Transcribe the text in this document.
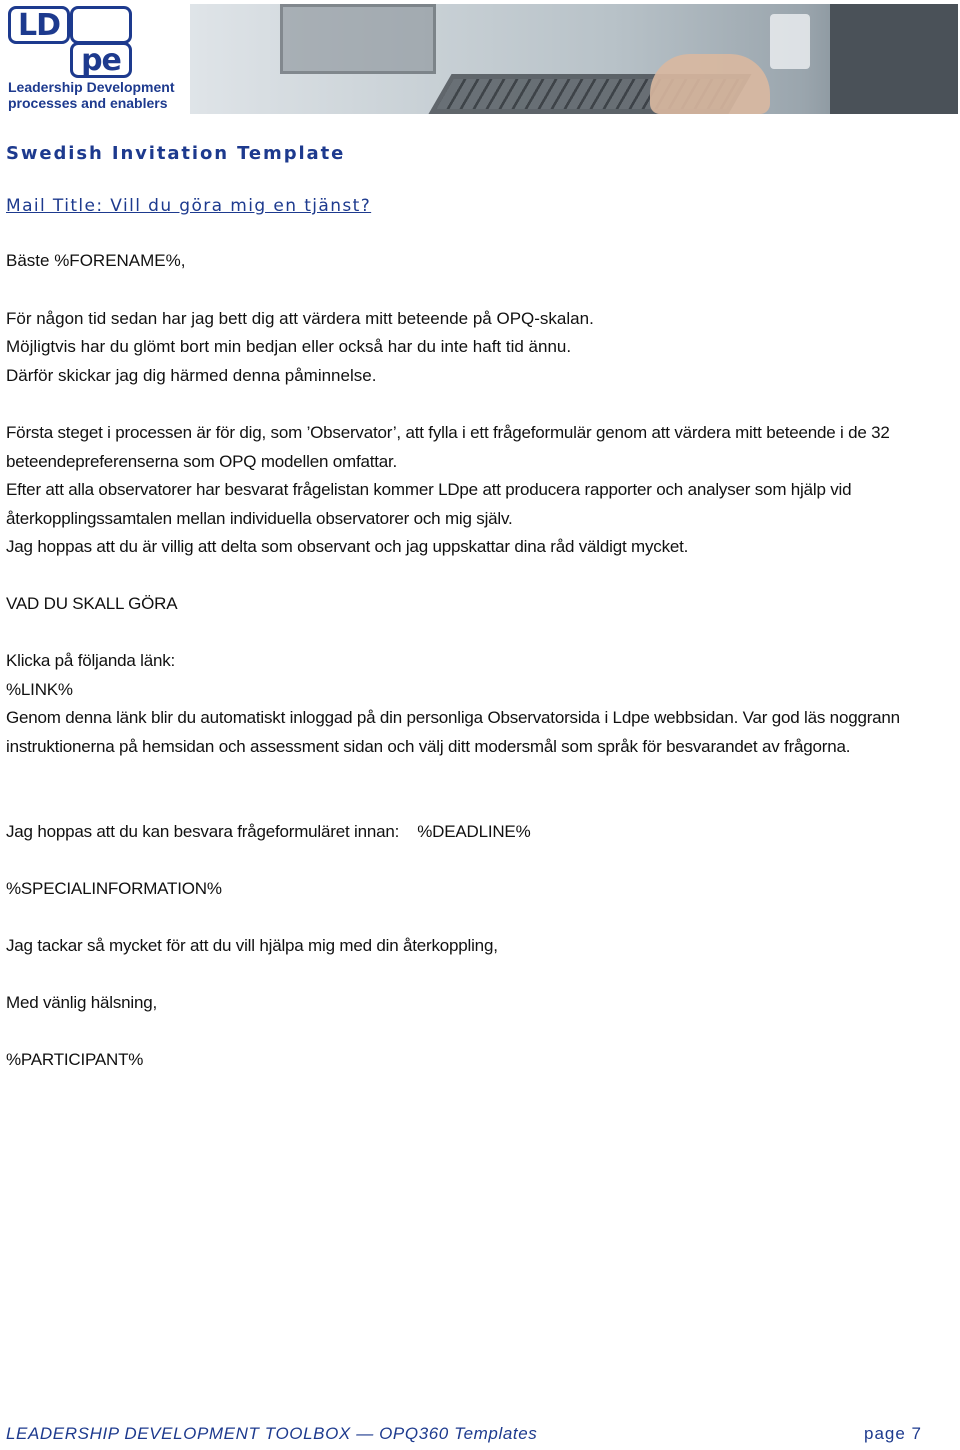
LD
pe
Leadership Development
processes and enablers
Swedish Invitation Template
Mail Title: Vill du göra mig en tjänst?
Bäste %FORENAME%,
För någon tid sedan har jag bett dig att värdera mitt beteende på OPQ-skalan.
Möjligtvis har du glömt bort min bedjan eller också har du inte haft tid ännu.
Därför skickar jag dig härmed denna påminnelse.

Första steget i processen är för dig, som ’Observator’, att fylla i ett frågeformulär genom att värdera mitt beteende i de 32 beteendepreferenserna som OPQ modellen omfattar.

Efter att alla observatorer har besvarat frågelistan kommer LDpe att producera rapporter och analyser som hjälp vid återkopplingssamtalen mellan individuella observatorer och mig själv.

Jag hoppas att du är villig att delta som observant och jag uppskattar dina råd väldigt mycket.

VAD DU SKALL GÖRA
Klicka på följanda länk:
%LINK%

Genom denna länk blir du automatiskt inloggad på din personliga Observatorsida i Ldpe webbsidan. Var god läs noggrann instruktionerna på hemsidan och assessment sidan och välj ditt modersmål som språk för besvarandet av frågorna.

Jag hoppas att du kan besvara frågeformuläret innan:    %DEADLINE%
%SPECIALINFORMATION%
Jag tackar så mycket för att du vill hjälpa mig med din återkoppling,
Med vänlig hälsning,
%PARTICIPANT%
LEADERSHIP DEVELOPMENT TOOLBOX — OPQ360 Templates	page 7
